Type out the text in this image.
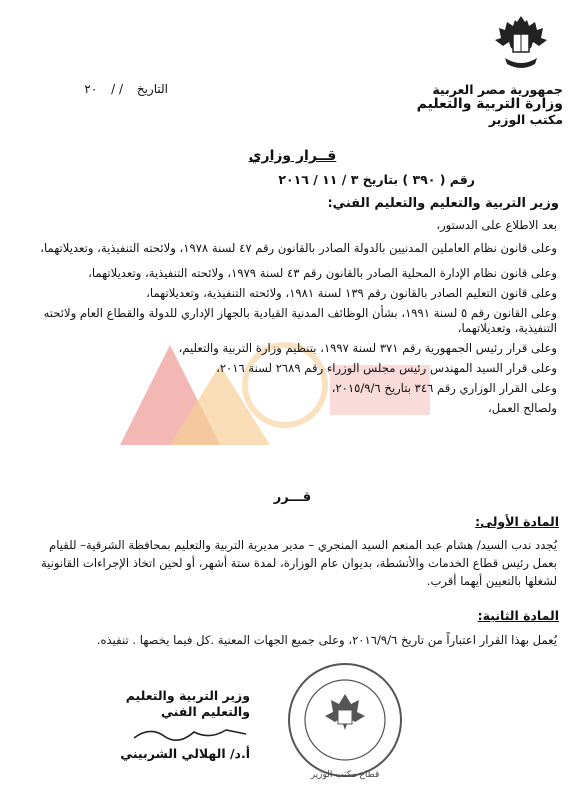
جمهورية مصر العربية
وزارة التربية والتعليم
مكتب الوزير
التاريخ / / ٢٠
قــرار وزاري
رقم ( ٣٩٠ ) بتاريخ ٣ / ١١ / ٢٠١٦
وزير التربية والتعليم والتعليم الفني:

بعد الاطلاع على الدستور،

وعلى قانون نظام العاملين المدنيين بالدولة الصادر بالقانون رقم ٤٧ لسنة ١٩٧٨، ولائحته التنفيذية، وتعديلاتهما،

وعلى قانون نظام الإدارة المحلية الصادر بالقانون رقم ٤٣ لسنة ١٩٧٩، ولائحته التنفيذية، وتعديلاتهما،

وعلى قانون التعليم الصادر بالقانون رقم ١٣٩ لسنة ١٩٨١، ولائحته التنفيذية، وتعديلاتهما،

وعلى القانون رقم ٥ لسنة ١٩٩١، بشأن الوظائف المدنية القيادية بالجهاز الإداري للدولة والقطاع العام ولائحته التنفيذية، وتعديلاتهما،

وعلى قرار رئيس الجمهورية رقم ٣٧١ لسنة ١٩٩٧، بتنظيم وزارة التربية والتعليم،

وعلى قرار السيد المهندس رئيس مجلس الوزراء رقم ٢٦٨٩ لسنة ٢٠١٦،

وعلى القرار الوزاري رقم ٣٤٦ بتاريخ ٢٠١٥/٩/٦،

ولصالح العمل،

قـــرر
المادة الأولى:
يُجدد ندب السيد/ هشام عبد المنعم السيد المنجري – مدير مديرية التربية والتعليم بمحافظة الشرقية– للقيام بعمل رئيس قطاع الخدمات والأنشطة، بديوان عام الوزارة، لمدة ستة أشهر، أو لحين اتخاذ الإجراءات القانونية لشغلها بالتعيين أيهما أقرب.
المادة الثانية:
يُعمل بهذا القرار اعتباراً من تاريخ ٢٠١٦/٩/٦، وعلى جميع الجهات المعنية .كل فيما يخصها . تنفيذه.
قطاع مكتب الوزير
وزير التربية والتعليم والتعليم الفني
أ.د/ الهلالي الشربيني
